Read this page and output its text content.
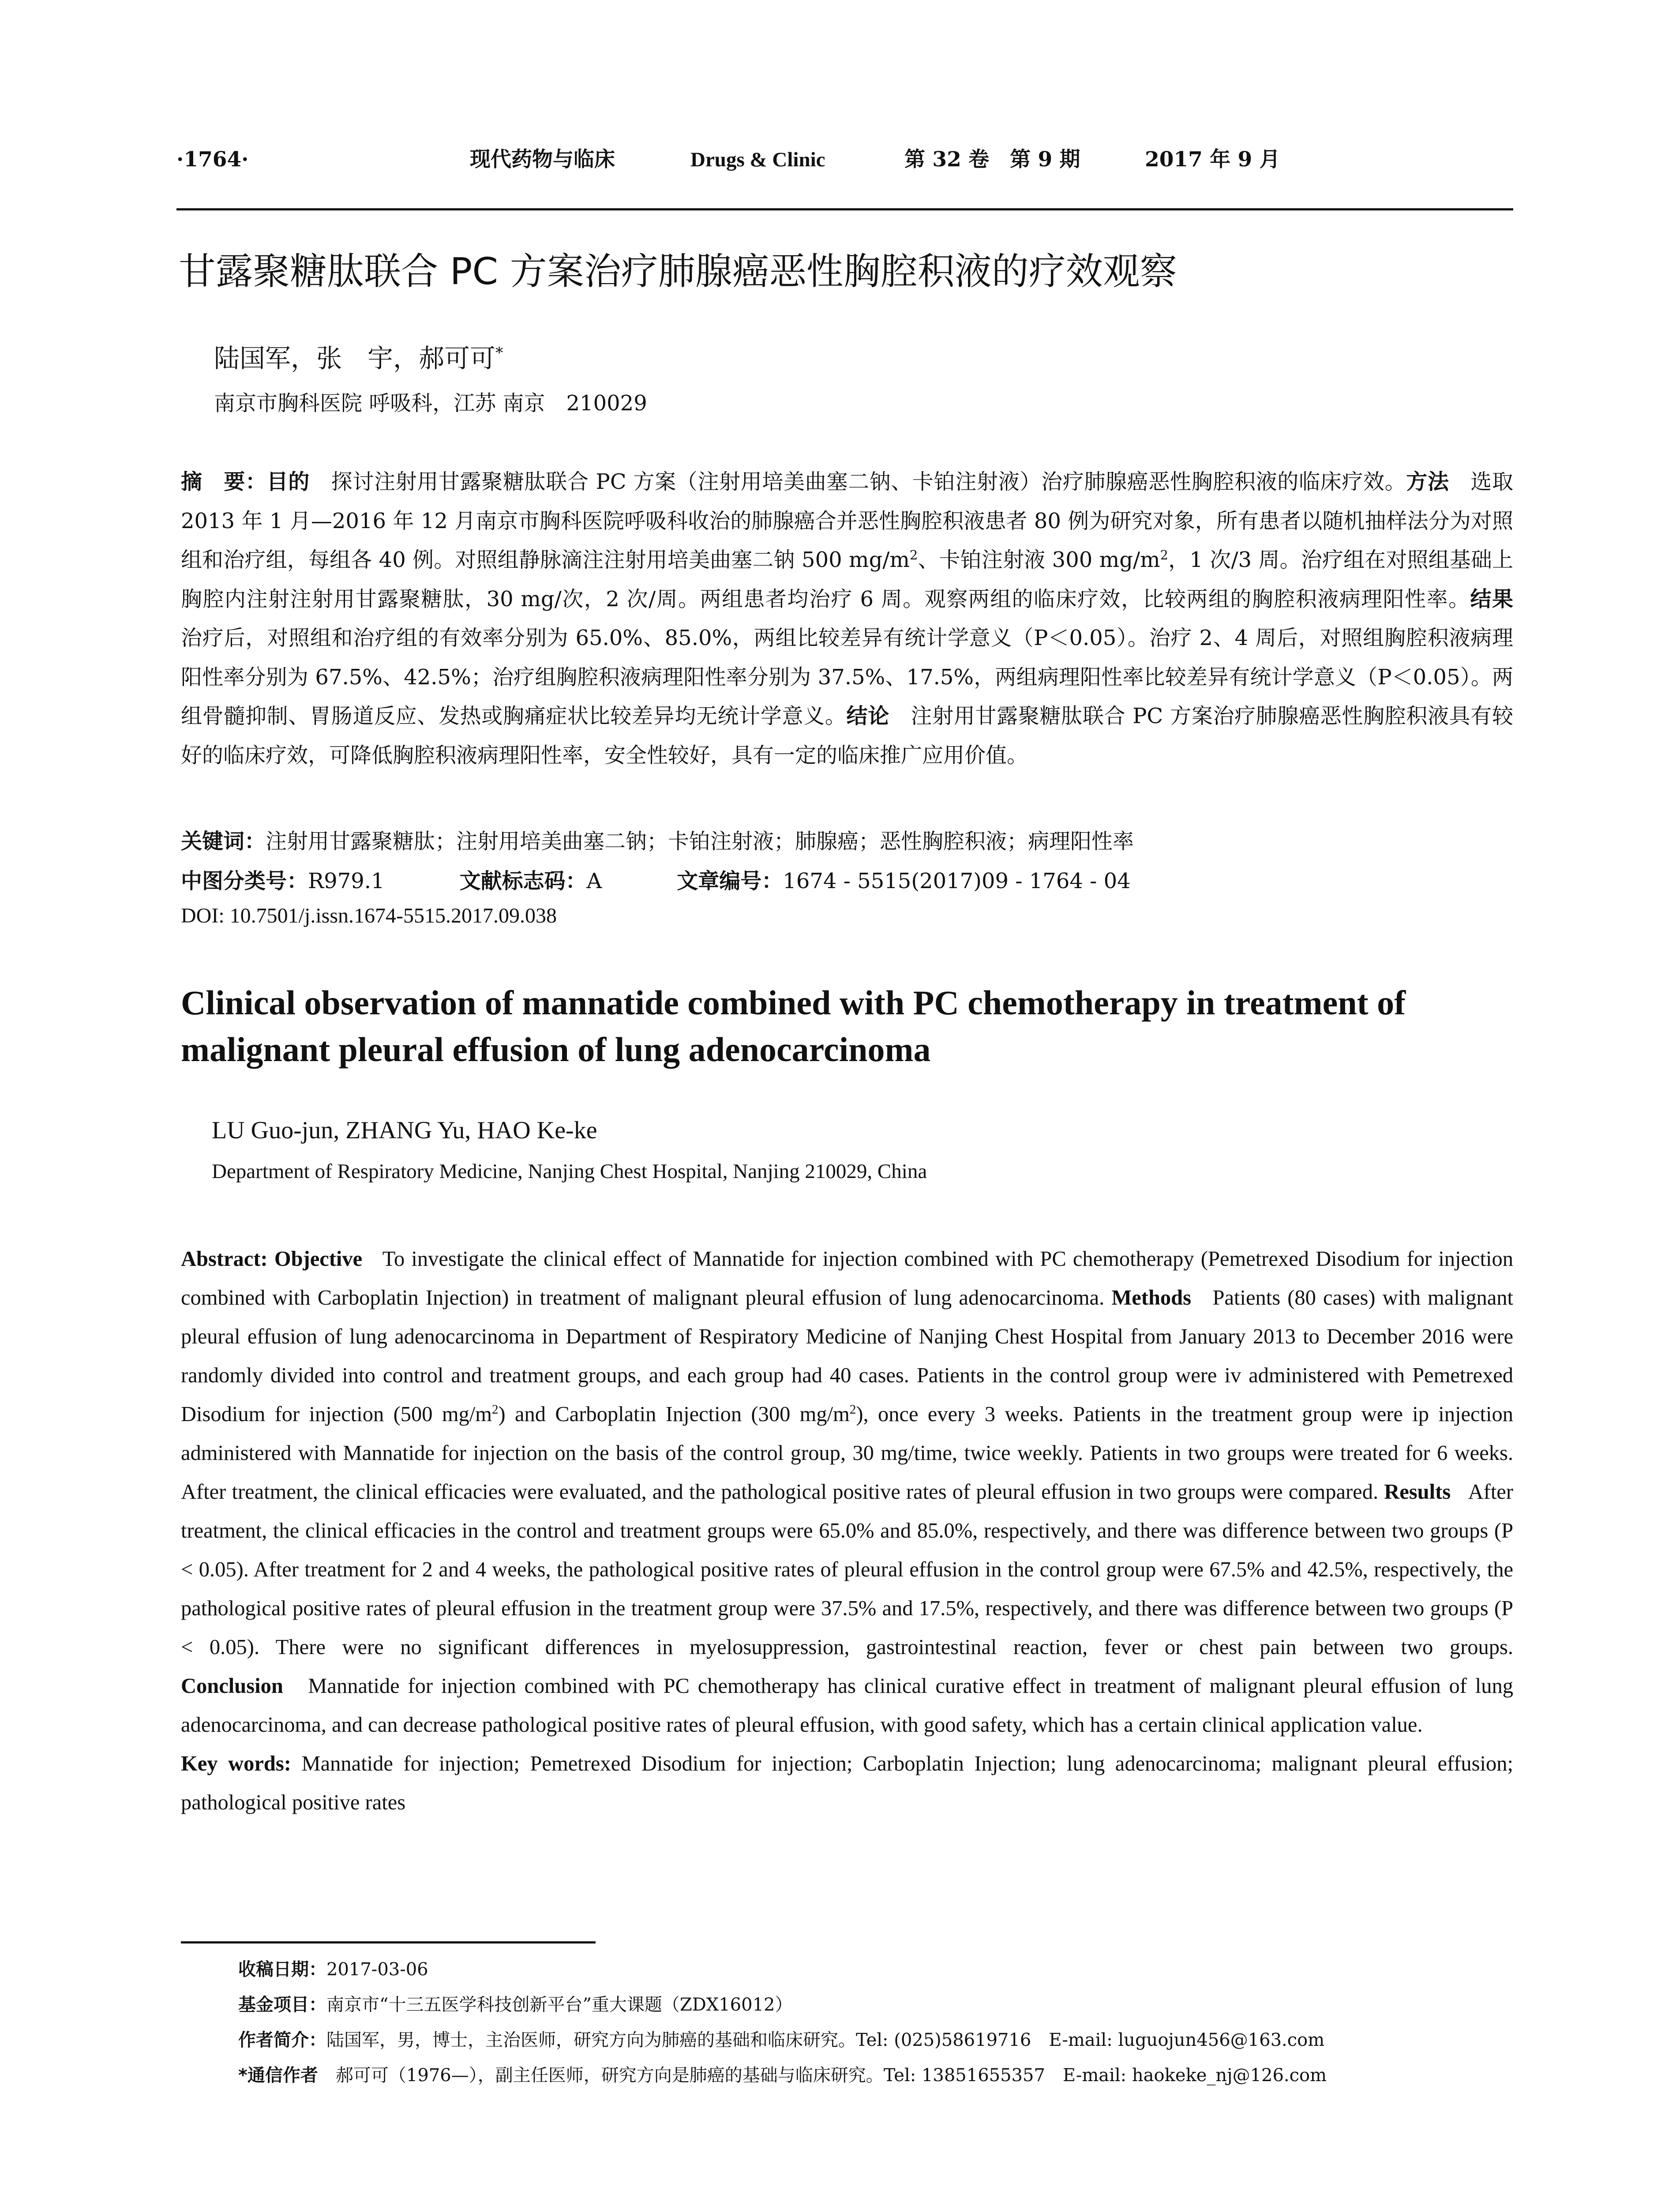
·1764·	现代药物与临床	Drugs & Clinic	第 32 卷　第 9 期	2017 年 9 月
甘露聚糖肽联合 PC 方案治疗肺腺癌恶性胸腔积液的疗效观察
陆国军，张　宇，郝可可*
南京市胸科医院 呼吸科，江苏 南京　210029

摘　要：目的　 探讨注射用甘露聚糖肽联合 PC 方案（注射用培美曲塞二钠、卡铂注射液）治疗肺腺癌恶性胸腔积液的临床疗效。方法　 选取 2013 年 1 月—2016 年 12 月南京市胸科医院呼吸科收治的肺腺癌合并恶性胸腔积液患者 80 例为研究对象，所有患者以随机抽样法分为对照组和治疗组，每组各 40 例。对照组静脉滴注注射用培美曲塞二钠 500 $mg/m^2$、卡铂注射液 300 $mg/m^2$，1 次/3 周。治疗组在对照组基础上胸腔内注射注射用甘露聚糖肽，30 mg/次，2 次/周。两组患者均治疗 6 周。观察两组的临床疗效，比较两组的胸腔积液病理阳性率。结果　治疗后，对照组和治疗组的有效率分别为 65.0%、85.0%，两组比较差异有统计学意义（P＜0.05）。治疗 2、4 周后，对照组胸腔积液病理阳性率分别为 67.5%、42.5%；治疗组胸腔积液病理阳性率分别为 37.5%、17.5%，两组病理阳性率比较差异有统计学意义（P＜0.05）。两组骨髓抑制、胃肠道反应、发热或胸痛症状比较差异均无统计学意义。结论　 注射用甘露聚糖肽联合 PC 方案治疗肺腺癌恶性胸腔积液具有较好的临床疗效，可降低胸腔积液病理阳性率，安全性较好，具有一定的临床推广应用价值。

关键词：注射用甘露聚糖肽；注射用培美曲塞二钠；卡铂注射液；肺腺癌；恶性胸腔积液；病理阳性率
中图分类号：R979.1	文献标志码：A	文章编号：1674 - 5515(2017)09 - 1764 - 04
DOI: 10.7501/j.issn.1674-5515.2017.09.038
Clinical observation of mannatide combined with PC chemotherapy in treatment of malignant pleural effusion of lung adenocarcinoma
LU Guo-jun, ZHANG Yu, HAO Ke-ke
Department of Respiratory Medicine, Nanjing Chest Hospital, Nanjing 210029, China

Abstract: Objective To investigate the clinical effect of Mannatide for injection combined with PC chemotherapy (Pemetrexed Disodium for injection combined with Carboplatin Injection) in treatment of malignant pleural effusion of lung adenocarcinoma. Methods Patients (80 cases) with malignant pleural effusion of lung adenocarcinoma in Department of Respiratory Medicine of Nanjing Chest Hospital from January 2013 to December 2016 were randomly divided into control and treatment groups, and each group had 40 cases. Patients in the control group were iv administered with Pemetrexed Disodium for injection (500 $mg/m^2$) and Carboplatin Injection (300 $mg/m^2$), once every 3 weeks. Patients in the treatment group were ip injection administered with Mannatide for injection on the basis of the control group, 30 mg/time, twice weekly. Patients in two groups were treated for 6 weeks. After treatment, the clinical efficacies were evaluated, and the pathological positive rates of pleural effusion in two groups were compared. Results After treatment, the clinical efficacies in the control and treatment groups were 65.0% and 85.0%, respectively, and there was difference between two groups (P < 0.05). After treatment for 2 and 4 weeks, the pathological positive rates of pleural effusion in the control group were 67.5% and 42.5%, respectively, the pathological positive rates of pleural effusion in the treatment group were 37.5% and 17.5%, respectively, and there was difference between two groups (P < 0.05). There were no significant differences in myelosuppression, gastrointestinal reaction, fever or chest pain between two groups. Conclusion Mannatide for injection combined with PC chemotherapy has clinical curative effect in treatment of malignant pleural effusion of lung adenocarcinoma, and can decrease pathological positive rates of pleural effusion, with good safety, which has a certain clinical application value.
Key words: Mannatide for injection; Pemetrexed Disodium for injection; Carboplatin Injection; lung adenocarcinoma; malignant pleural effusion; pathological positive rates

收稿日期：2017-03-06
基金项目：南京市“十三五医学科技创新平台”重大课题（ZDX16012）
作者简介：陆国军，男，博士，主治医师，研究方向为肺癌的基础和临床研究。Tel: (025)58619716　E-mail: luguojun456@163.com
*通信作者　 郝可可（1976—），副主任医师，研究方向是肺癌的基础与临床研究。Tel: 13851655357　E-mail: haokeke_nj@126.com
